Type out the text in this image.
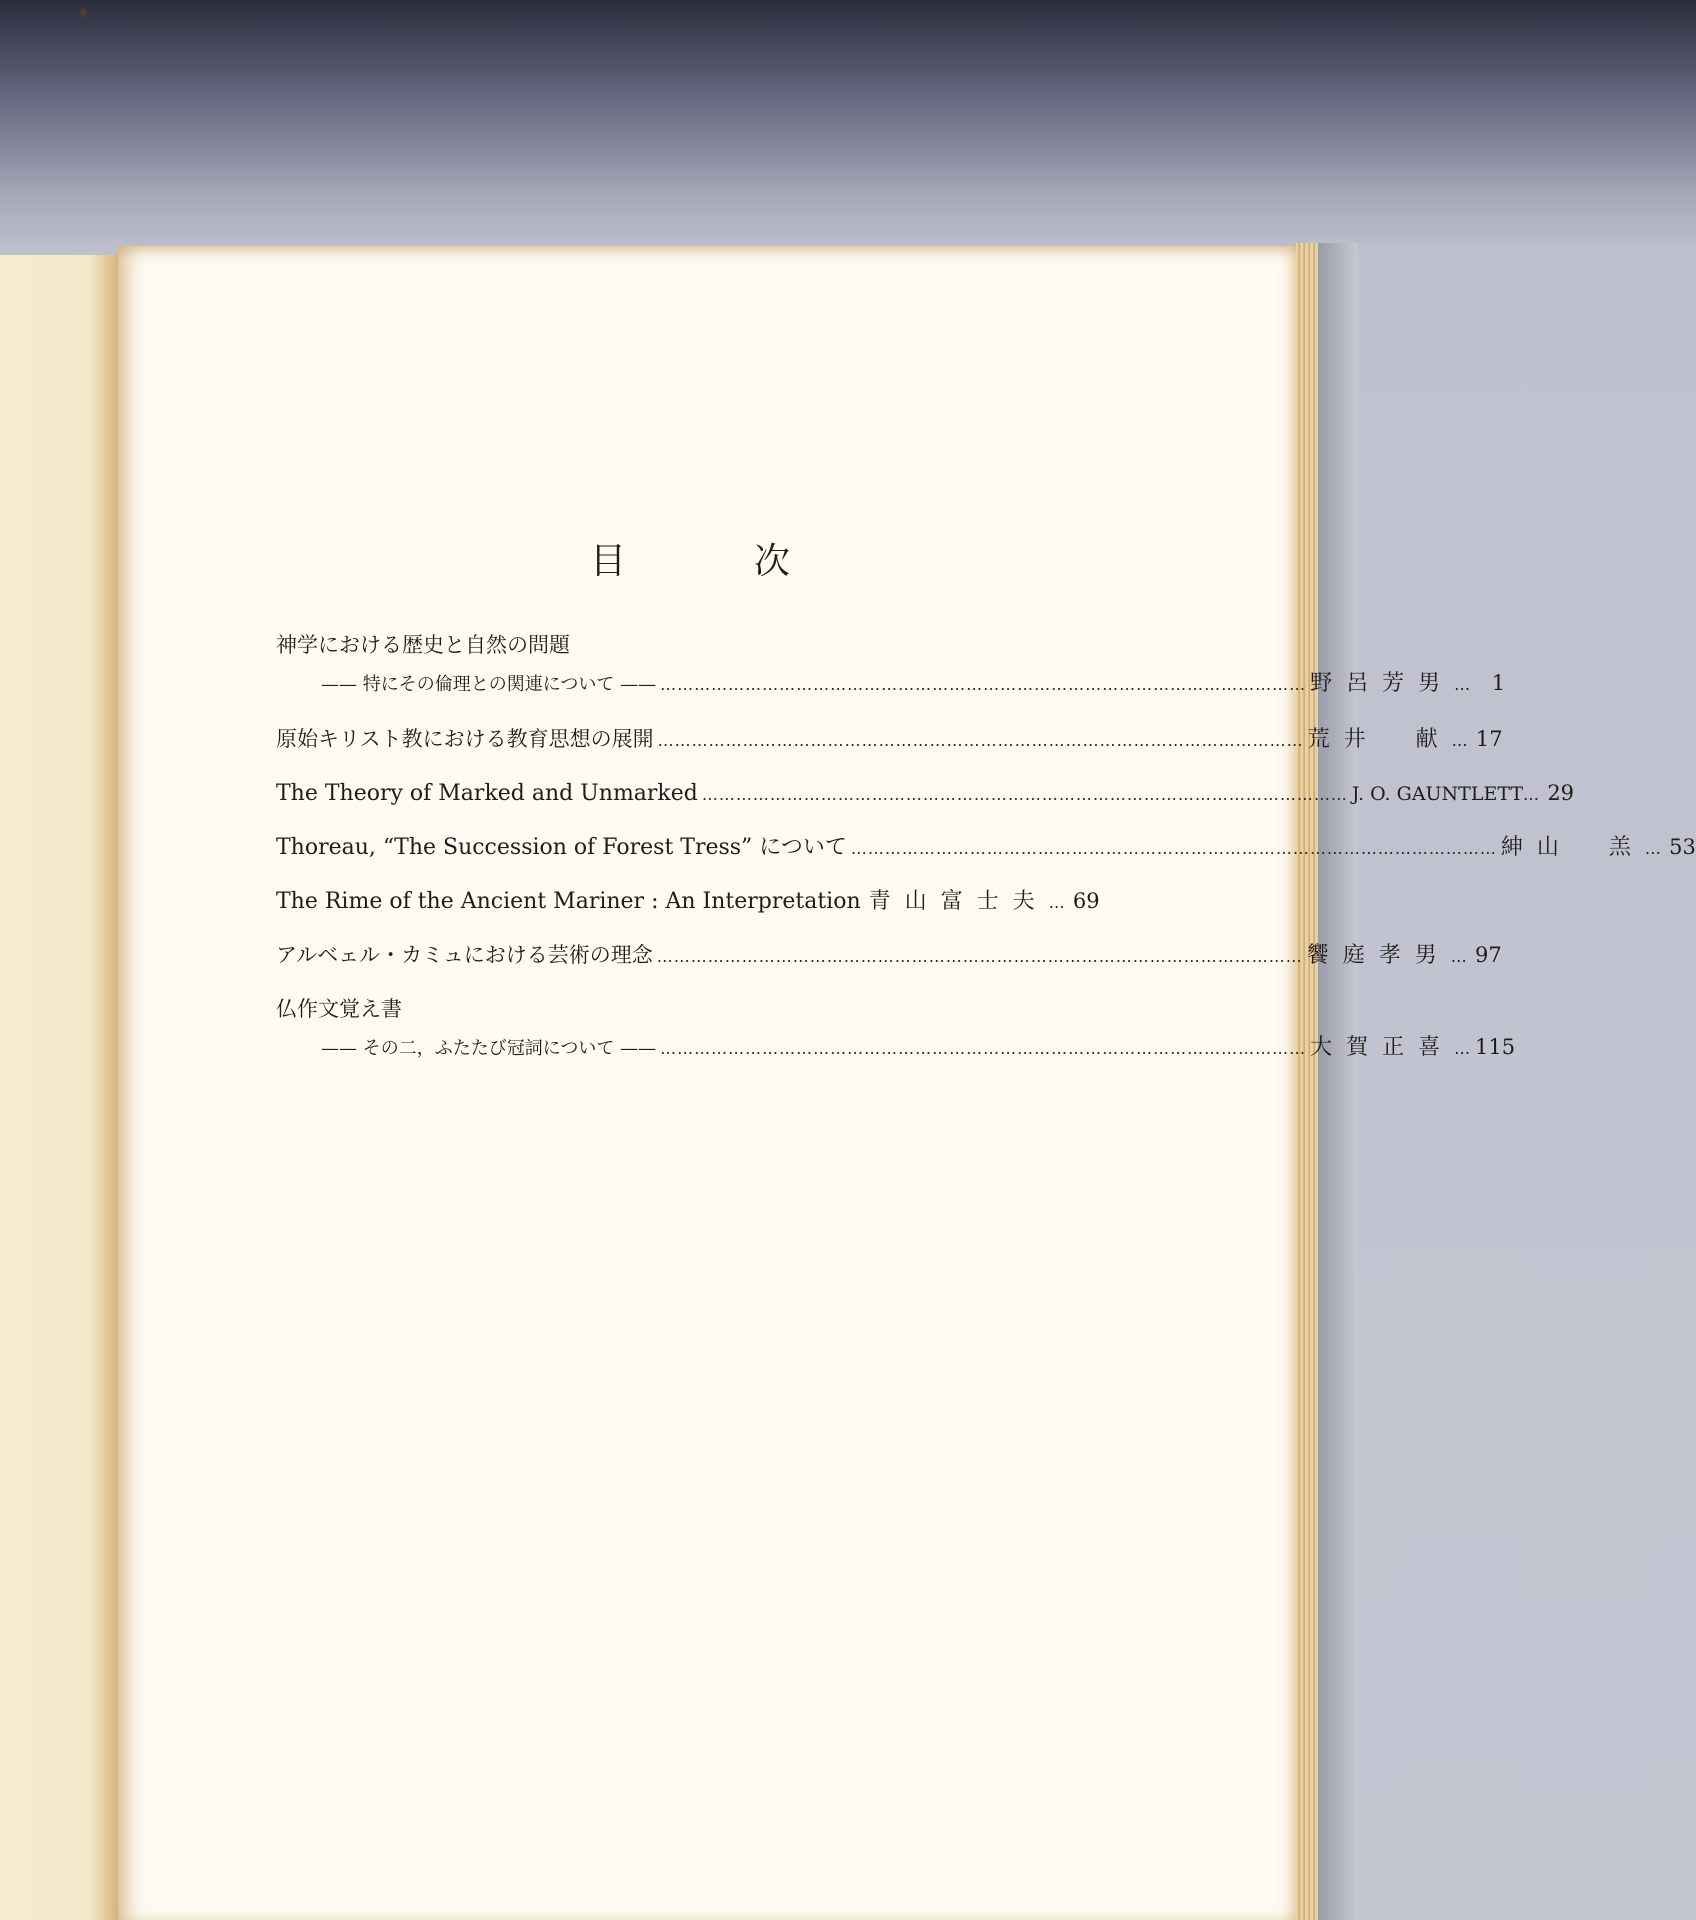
目	次
神学における歴史と自然の問題
—— 特にその倫理との関連について —— …………………………………………………………………………………………………… 野呂芳男 … 1
原始キリスト教における教育思想の展開 …………………………………………………………………………………………………… 荒井　献 … 17
The Theory of Marked and Unmarked …………………………………………………………………………………………………… J. O. GAUNTLETT … 29
Thoreau, “The Succession of Forest Tress” について …………………………………………………………………………………………………… 紳山　羔 … 53
The Rime of the Ancient Mariner : An Interpretation 青山富士夫 … 69
アルベェル・カミュにおける芸術の理念 …………………………………………………………………………………………………… 饗庭孝男 … 97
仏作文覚え書
—— その二，ふたたび冠詞について —— …………………………………………………………………………………………………… 大賀正喜 … 115
